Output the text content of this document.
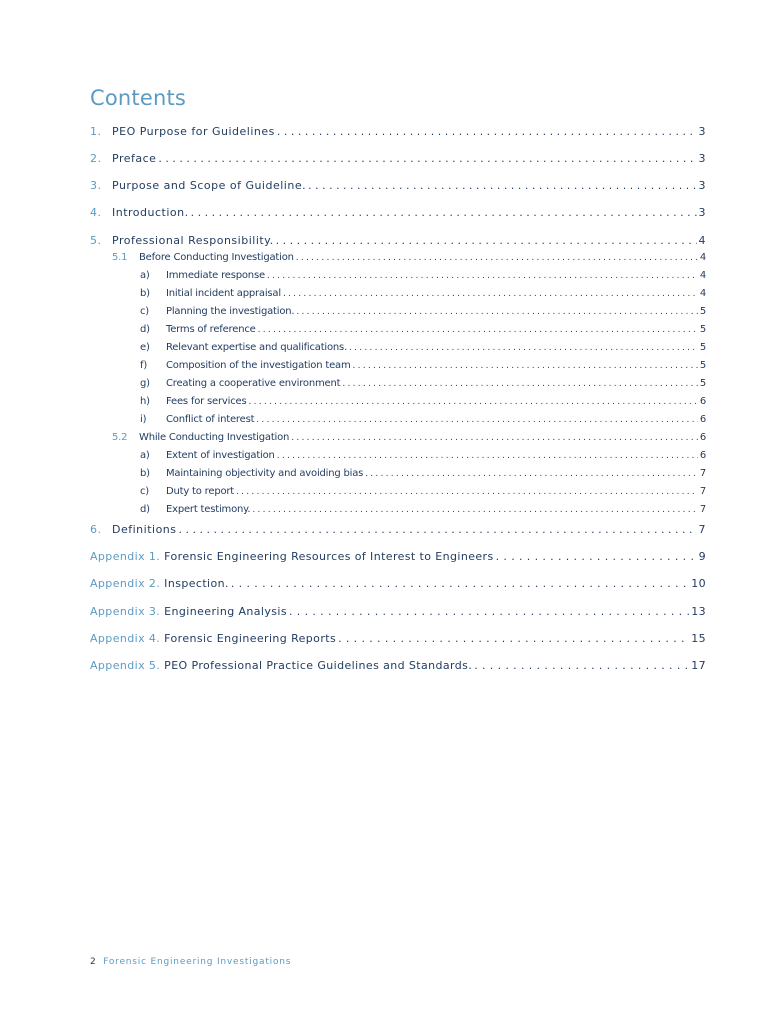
Contents
1. PEO Purpose for Guidelines . . .	3
2. Preface . . .	3
3. Purpose and Scope of Guideline. . . .	3
4. Introduction. . . .	3
5. Professional Responsibility. . . .	4
5.1	Before Conducting Investigation . . .	4
a)	Immediate response . . .	4
b)	Initial incident appraisal . . .	4
c)	Planning the investigation. . . .	5
d)	Terms of reference . . .	5
e)	Relevant expertise and qualifications. . . .	5
f)	Composition of the investigation team . . .	5
g)	Creating a cooperative environment . . .	5
h)	Fees for services . . .	6
i)	Conflict of interest . . .	6
5.2	While Conducting Investigation . . .	6
a)	Extent of investigation . . .	6
b)	Maintaining objectivity and avoiding bias . . .	7
c)	Duty to report . . .	7
d)	Expert testimony. . . .	7
6. Definitions . . .	7
Appendix 1. Forensic Engineering Resources of Interest to Engineers . . .	9
Appendix 2. Inspection. . . .	10
Appendix 3. Engineering Analysis . . .	13
Appendix 4. Forensic Engineering Reports . . .	15
Appendix 5. PEO Professional Practice Guidelines and Standards. . . .	17
2 Forensic Engineering Investigations
